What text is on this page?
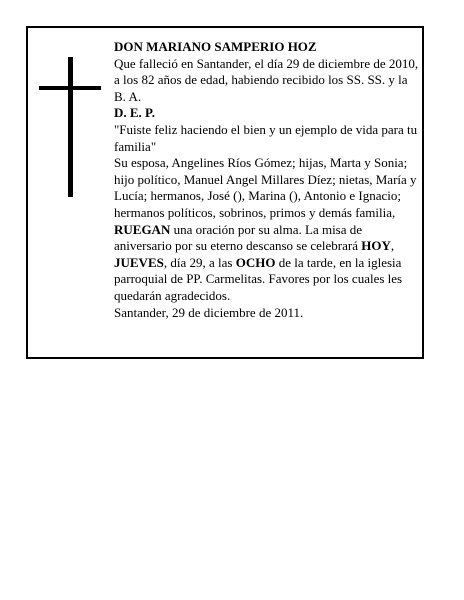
DON MARIANO SAMPERIO HOZ

Que falleció en Santander, el día 29 de diciembre de 2010, a los 82 años de edad, habiendo recibido los SS. SS. y la B. A.

D. E. P.

"Fuiste feliz haciendo el bien y un ejemplo de vida para tu familia"

Su esposa, Angelines Ríos Gómez; hijas, Marta y Sonia; hijo político, Manuel Angel Millares Díez; nietas, María y Lucía; hermanos, José (), Marina (), Antonio e Ignacio; hermanos políticos, sobrinos, primos y demás familia,

RUEGAN una oración por su alma. La misa de aniversario por su eterno descanso se celebrará HOY, JUEVES, día 29, a las OCHO de la tarde, en la iglesia parroquial de PP. Carmelitas. Favores por los cuales les quedarán agradecidos.

Santander, 29 de diciembre de 2011.
